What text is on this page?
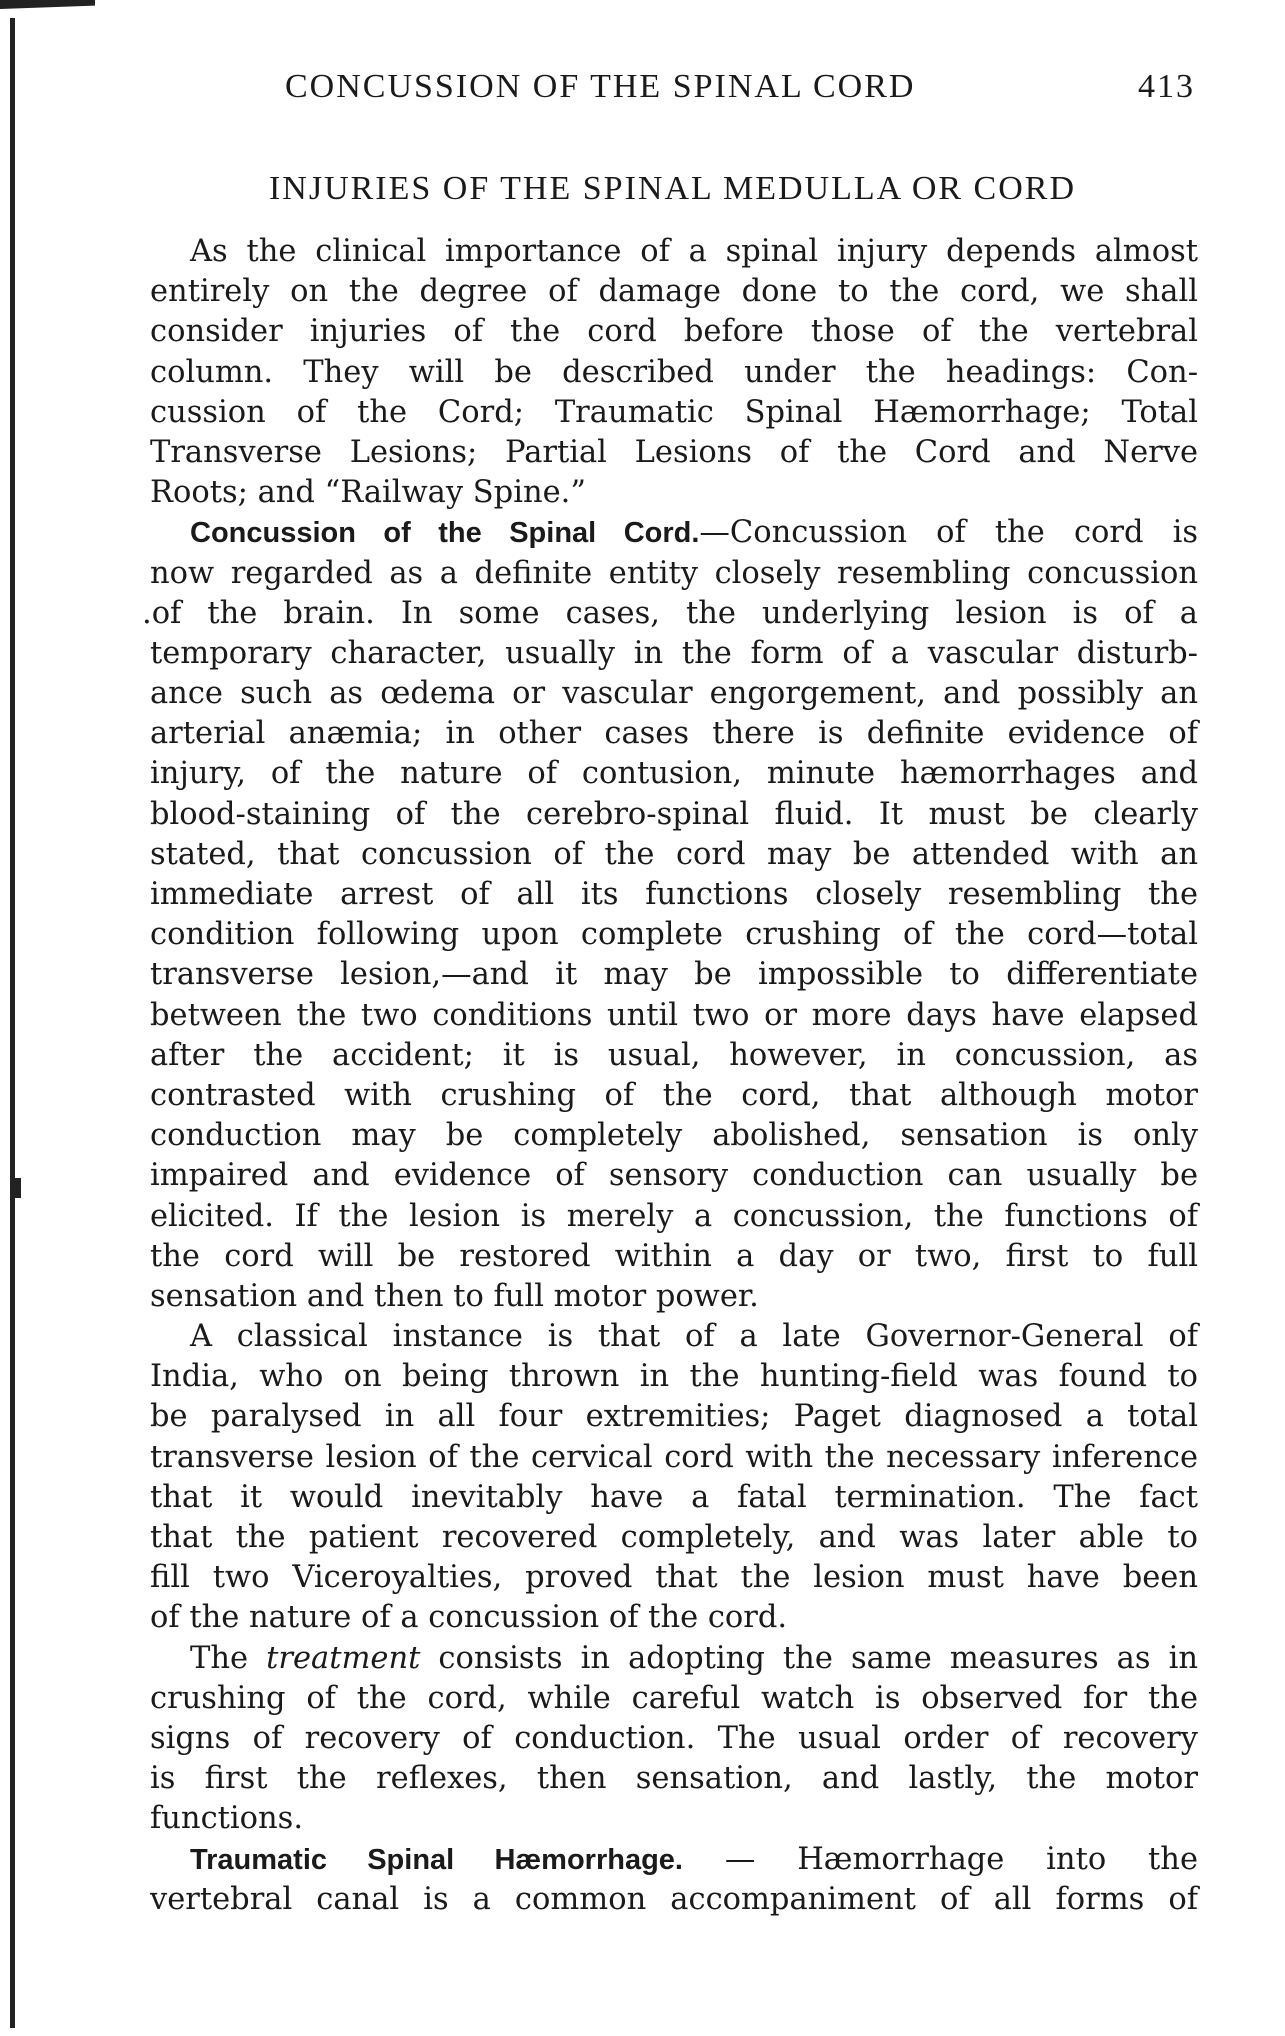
CONCUSSION OF THE SPINAL CORD	413
INJURIES OF THE SPINAL MEDULLA OR CORD
As the clinical importance of a spinal injury depends almost
entirely on the degree of damage done to the cord, we shall
consider injuries of the cord before those of the vertebral
column. They will be described under the headings: Con-
cussion of the Cord; Traumatic Spinal Hæmorrhage; Total
Transverse Lesions; Partial Lesions of the Cord and Nerve
Roots; and “Railway Spine.”
Concussion of the Spinal Cord.—Concussion of the cord is
now regarded as a definite entity closely resembling concussion
.of the brain. In some cases, the underlying lesion is of a
temporary character, usually in the form of a vascular disturb-
ance such as œdema or vascular engorgement, and possibly an
arterial anæmia; in other cases there is definite evidence of
injury, of the nature of contusion, minute hæmorrhages and
blood-staining of the cerebro-spinal fluid. It must be clearly
stated, that concussion of the cord may be attended with an
immediate arrest of all its functions closely resembling the
condition following upon complete crushing of the cord—total
transverse lesion,—and it may be impossible to differentiate
between the two conditions until two or more days have elapsed
after the accident; it is usual, however, in concussion, as
contrasted with crushing of the cord, that although motor
conduction may be completely abolished, sensation is only
impaired and evidence of sensory conduction can usually be
elicited. If the lesion is merely a concussion, the functions of
the cord will be restored within a day or two, first to full
sensation and then to full motor power.
A classical instance is that of a late Governor-General of
India, who on being thrown in the hunting-field was found to
be paralysed in all four extremities; Paget diagnosed a total
transverse lesion of the cervical cord with the necessary inference
that it would inevitably have a fatal termination. The fact
that the patient recovered completely, and was later able to
fill two Viceroyalties, proved that the lesion must have been
of the nature of a concussion of the cord.
The treatment consists in adopting the same measures as in
crushing of the cord, while careful watch is observed for the
signs of recovery of conduction. The usual order of recovery
is first the reflexes, then sensation, and lastly, the motor
functions.
Traumatic Spinal Hæmorrhage. — Hæmorrhage into the
vertebral canal is a common accompaniment of all forms of
